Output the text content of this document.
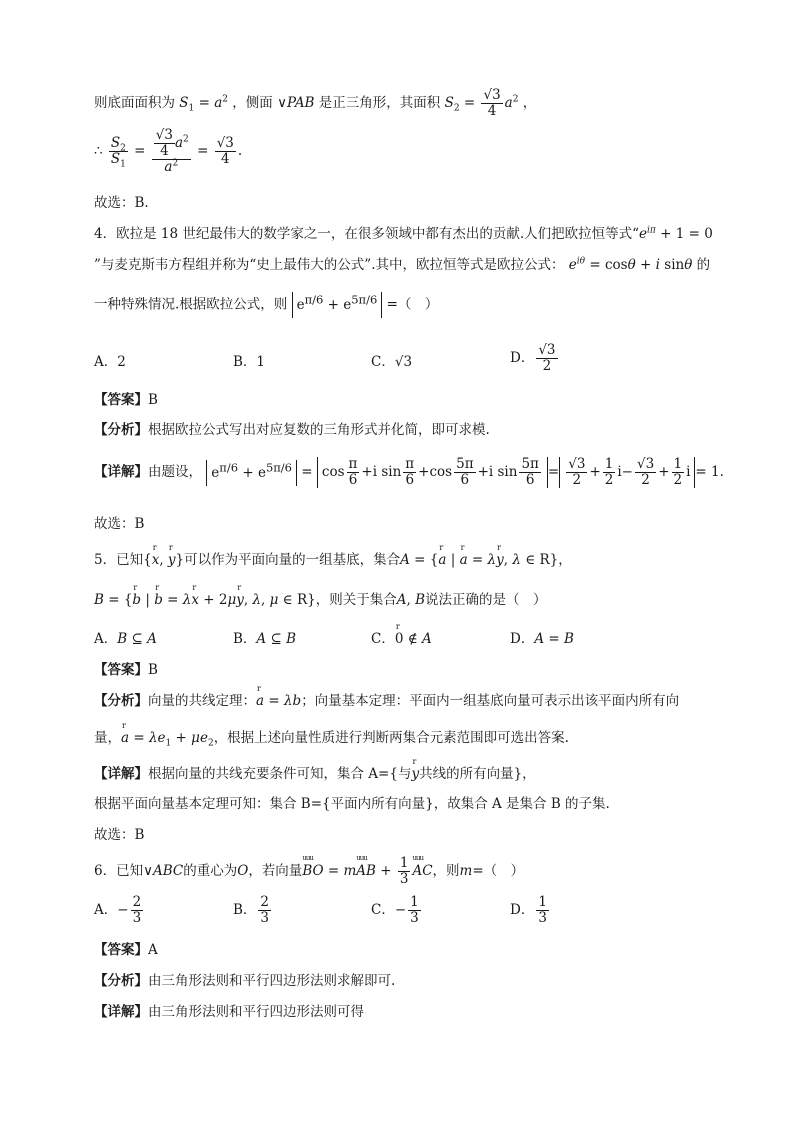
则底面面积为 $S_1 = a^2$ ，侧面 ∨PAB 是正三角形，其面积 $S_2 = \frac{√3}{4} a^2$ ，
∴ $\frac{S_2}{S_1} = \frac{\frac{√3}{4} a^2}{a^2} = \frac{√3}{4}$ .
故选：B.
4．欧拉是 18 世纪最伟大的数学家之一，在很多领域中都有杰出的贡献.人们把欧拉恒等式“$e^{i\pi} + 1 = 0$
”与麦克斯韦方程组并称为“史上最伟大的公式”.其中，欧拉恒等式是欧拉公式： $e^{i\theta} = \cos\theta + i$ sinθ 的
一种特殊情况.根据欧拉公式，则 $e^{\pi/6} + e^{5\pi/6}$ =（　）
A．2	B．1	C．√3	D． $\frac{√3}{2}$
【答案】B
【分析】根据欧拉公式写出对应复数的三角形式并化简，即可求模.
【详解】由题设， $e^{\pi/6} + e^{5\pi/6} = \cos \frac{\pi}{6} +i$ $\sin \frac{\pi}{6} +\cos \frac{5\pi}{6} +i$ $\sin \frac{5\pi}{6} = \frac{√3}{2} + \frac{1}{2} i- \frac{√3}{2} + \frac{1}{2}$ i = 1.
故选：B
5．已知{r x, r y}可以作为平面向量的一组基底，集合A = {r a | r a = λr y, λ ∈ R}，
B = {r b | r b = λr x + 2μr y, λ, μ ∈ R}，则关于集合A, B说法正确的是（　）
A．B ⊆ A	B．A ⊆ B	C．r 0 ∉ A	D．A = B
【答案】B
【分析】向量的共线定理：r a = λb；向量基本定理：平面内一组基底向量可表示出该平面内所有向
量，r $a = \lambda e_1 + \mu e_2$，根据上述向量性质进行判断两集合元素范围即可选出答案.
【详解】根据向量的共线充要条件可知，集合 A={与r y共线的所有向量}，
根据平面向量基本定理可知：集合 B={平面内所有向量}，故集合 A 是集合 B 的子集.
故选：B
6．已知∨ABC的重心为O，若向量uuu BO = muuu AB + $\frac{1}{3}$
uuu AC，则m=（　）
A．− $\frac{2}{3}$	B． $\frac{2}{3}$	C．− $\frac{1}{3}$	D． $\frac{1}{3}$
【答案】A
【分析】由三角形法则和平行四边形法则求解即可.
【详解】由三角形法则和平行四边形法则可得
